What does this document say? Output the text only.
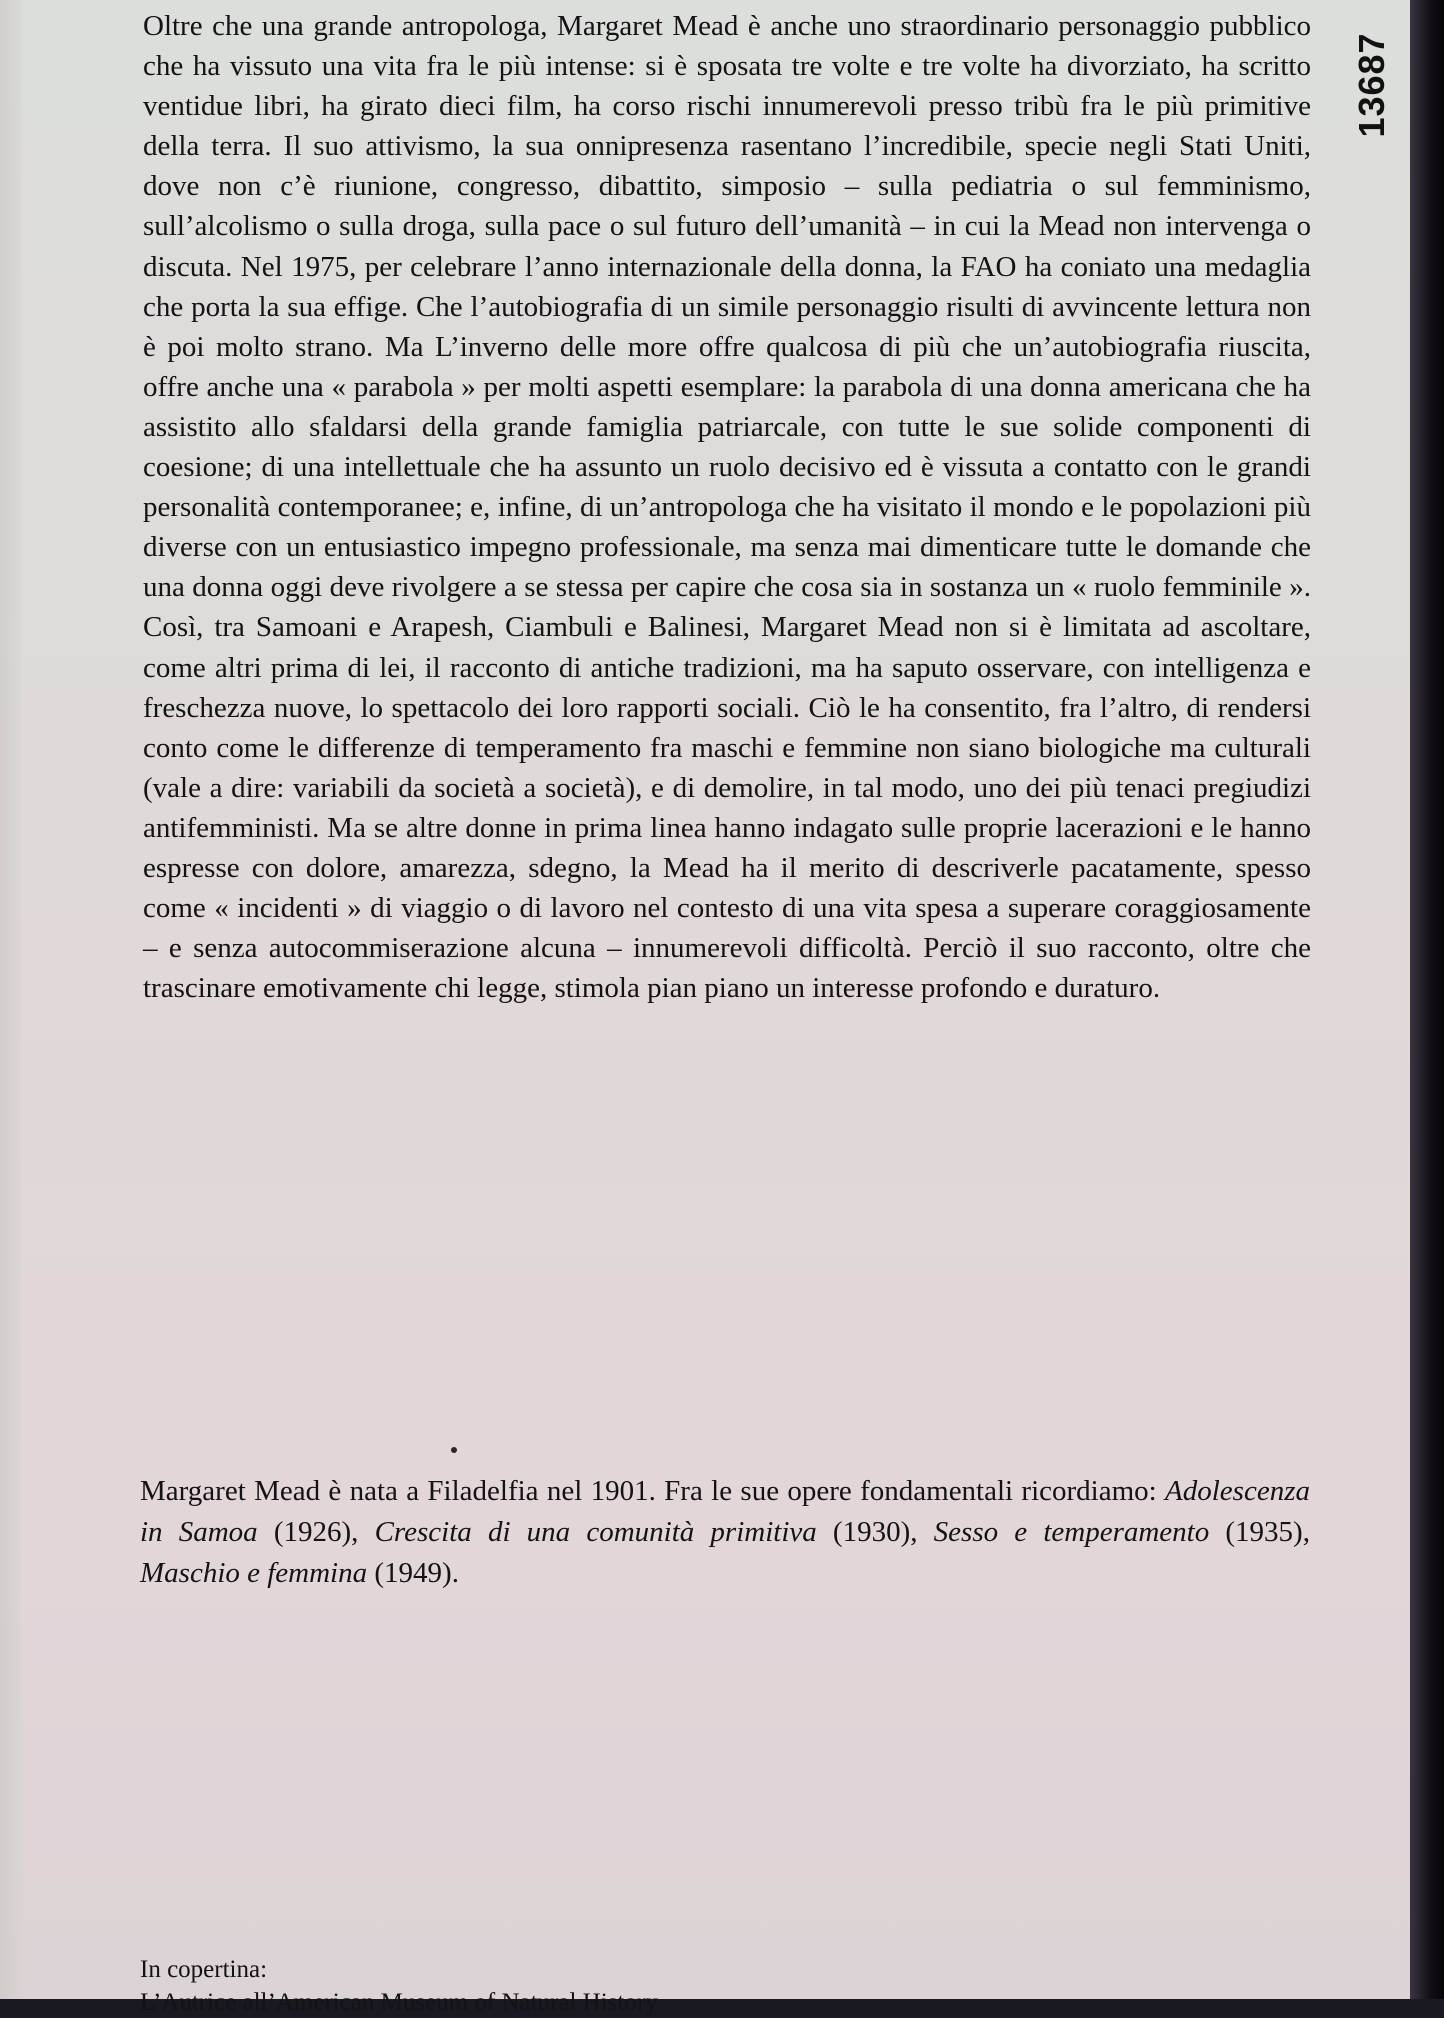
Oltre che una grande antropologa, Margaret Mead è anche uno straordinario personaggio pubblico che ha vissuto una vita fra le più intense: si è sposata tre volte e tre volte ha divorziato, ha scritto ventidue libri, ha girato dieci film, ha corso rischi innumerevoli presso tribù fra le più primitive della terra. Il suo attivismo, la sua onnipresenza rasentano l’incredibile, specie negli Stati Uniti, dove non c’è riunione, congresso, dibattito, simposio – sulla pediatria o sul femminismo, sull’alcolismo o sulla droga, sulla pace o sul futuro dell’umanità – in cui la Mead non intervenga o discuta. Nel 1975, per celebrare l’anno internazionale della donna, la FAO ha coniato una medaglia che porta la sua effige. Che l’autobiografia di un simile personaggio risulti di avvincente lettura non è poi molto strano. Ma L’inverno delle more offre qualcosa di più che un’autobiografia riuscita, offre anche una « parabola » per molti aspetti esemplare: la parabola di una donna americana che ha assistito allo sfaldarsi della grande famiglia patriarcale, con tutte le sue solide componenti di coesione; di una intellettuale che ha assunto un ruolo decisivo ed è vissuta a contatto con le grandi personalità contemporanee; e, infine, di un’antropologa che ha visitato il mondo e le popolazioni più diverse con un entusiastico impegno professionale, ma senza mai dimenticare tutte le domande che una donna oggi deve rivolgere a se stessa per capire che cosa sia in sostanza un « ruolo femminile ». Così, tra Samoani e Arapesh, Ciambuli e Balinesi, Margaret Mead non si è limitata ad ascoltare, come altri prima di lei, il racconto di antiche tradizioni, ma ha saputo osservare, con intelligenza e freschezza nuove, lo spettacolo dei loro rapporti sociali. Ciò le ha consentito, fra l’altro, di rendersi conto come le differenze di temperamento fra maschi e femmine non siano biologiche ma culturali (vale a dire: variabili da società a società), e di demolire, in tal modo, uno dei più tenaci pregiudizi antifemministi. Ma se altre donne in prima linea hanno indagato sulle proprie lacerazioni e le hanno espresse con dolore, amarezza, sdegno, la Mead ha il merito di descriverle pacatamente, spesso come « incidenti » di viaggio o di lavoro nel contesto di una vita spesa a superare coraggiosamente – e senza autocommiserazione alcuna – innumerevoli difficoltà. Perciò il suo racconto, oltre che trascinare emotivamente chi legge, stimola pian piano un interesse profondo e duraturo.

13687

Margaret Mead è nata a Filadelfia nel 1901. Fra le sue opere fondamentali ricordiamo: Adolescenza in Samoa (1926), Crescita di una comunità primitiva (1930), Sesso e temperamento (1935), Maschio e femmina (1949).

In copertina:

L’Autrice all’American Museum of Natural History
